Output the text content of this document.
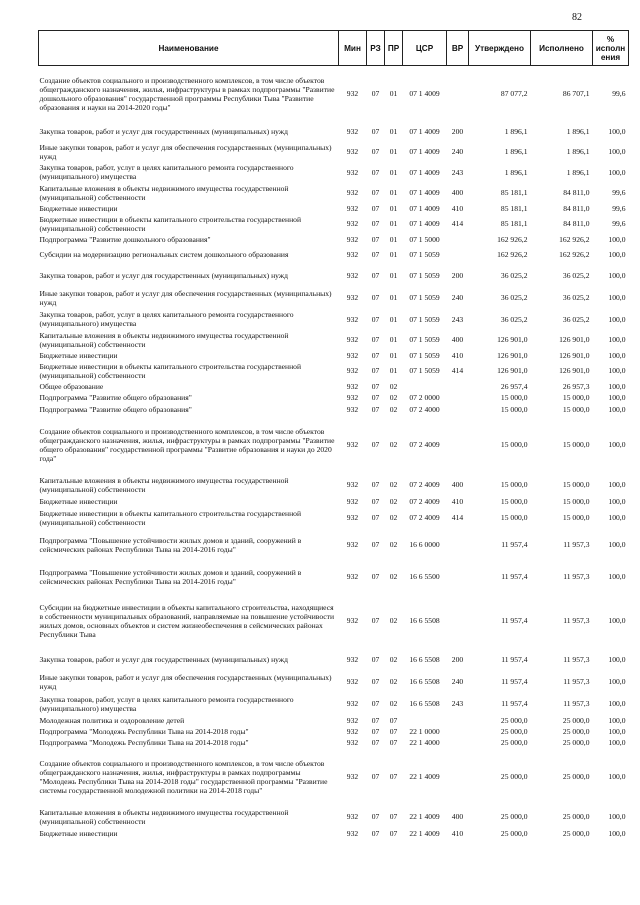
82
Наименование	Мин	РЗ	ПР	ЦСР	ВР	Утверждено	Исполнено	% исполн ения
Создание объектов социального и производственного комплексов, в том числе объектов общегражданского назначения, жилья, инфраструктуры в рамках подпрограммы "Развитие дошкольного образования" государственной программы Республики Тыва "Развитие образования и науки на 2014-2020 годы"	932	07	01	07 1 4009		87 077,2	86 707,1	99,6
Закупка товаров, работ и услуг для государственных (муниципальных) нужд	932	07	01	07 1 4009	200	1 896,1	1 896,1	100,0
Иные закупки товаров, работ и услуг для обеспечения государственных (муниципальных) нужд	932	07	01	07 1 4009	240	1 896,1	1 896,1	100,0
Закупка товаров, работ, услуг в целях капитального ремонта государственного (муниципального) имущества	932	07	01	07 1 4009	243	1 896,1	1 896,1	100,0
Капитальные вложения в объекты недвижимого имущества государственной (муниципальной) собственности	932	07	01	07 1 4009	400	85 181,1	84 811,0	99,6
Бюджетные инвестиции	932	07	01	07 1 4009	410	85 181,1	84 811,0	99,6
Бюджетные инвестиции в объекты капитального строительства государственной (муниципальной) собственности	932	07	01	07 1 4009	414	85 181,1	84 811,0	99,6
Подпрограмма "Развитие дошкольного образования"	932	07	01	07 1 5000		162 926,2	162 926,2	100,0
Субсидии на модернизацию региональных систем дошкольного образования	932	07	01	07 1 5059		162 926,2	162 926,2	100,0
Закупка товаров, работ и услуг для государственных (муниципальных) нужд	932	07	01	07 1 5059	200	36 025,2	36 025,2	100,0
Иные закупки товаров, работ и услуг для обеспечения государственных (муниципальных) нужд	932	07	01	07 1 5059	240	36 025,2	36 025,2	100,0
Закупка товаров, работ, услуг в целях капитального ремонта государственного (муниципального) имущества	932	07	01	07 1 5059	243	36 025,2	36 025,2	100,0
Капитальные вложения в объекты недвижимого имущества государственной (муниципальной) собственности	932	07	01	07 1 5059	400	126 901,0	126 901,0	100,0
Бюджетные инвестиции	932	07	01	07 1 5059	410	126 901,0	126 901,0	100,0
Бюджетные инвестиции в объекты капитального строительства государственной (муниципальной) собственности	932	07	01	07 1 5059	414	126 901,0	126 901,0	100,0
Общее образование	932	07	02			26 957,4	26 957,3	100,0
Подпрограмма "Развитие общего образования"	932	07	02	07 2 0000		15 000,0	15 000,0	100,0
Подпрограмма "Развитие общего образования"	932	07	02	07 2 4000		15 000,0	15 000,0	100,0
Создание объектов социального и производственного комплексов, в том числе объектов общегражданского назначения, жилья, инфраструктуры в рамках подпрограммы "Развитие общего образования" государственной программы "Развитие образования и науки до 2020 года"	932	07	02	07 2 4009		15 000,0	15 000,0	100,0
Капитальные вложения в объекты недвижимого имущества государственной (муниципальной) собственности	932	07	02	07 2 4009	400	15 000,0	15 000,0	100,0
Бюджетные инвестиции	932	07	02	07 2 4009	410	15 000,0	15 000,0	100,0
Бюджетные инвестиции в объекты капитального строительства государственной (муниципальной) собственности	932	07	02	07 2 4009	414	15 000,0	15 000,0	100,0
Подпрограмма "Повышение устойчивости жилых домов и зданий, сооружений в сейсмических районах Республики Тыва на 2014-2016 годы"	932	07	02	16 6 0000		11 957,4	11 957,3	100,0
Подпрограмма "Повышение устойчивости жилых домов и зданий, сооружений в сейсмических районах Республики Тыва на 2014-2016 годы"	932	07	02	16 6 5500		11 957,4	11 957,3	100,0
Субсидии на бюджетные инвестиции в объекты капитального строительства, находящиеся в собственности муниципальных образований, направляемые на повышение устойчивости жилых домов, основных объектов и систем жизнеобеспечения в сейсмических районах Республики Тыва	932	07	02	16 6 5508		11 957,4	11 957,3	100,0
Закупка товаров, работ и услуг для государственных (муниципальных) нужд	932	07	02	16 6 5508	200	11 957,4	11 957,3	100,0
Иные закупки товаров, работ и услуг для обеспечения государственных (муниципальных) нужд	932	07	02	16 6 5508	240	11 957,4	11 957,3	100,0
Закупка товаров, работ, услуг в целях капитального ремонта государственного (муниципального) имущества	932	07	02	16 6 5508	243	11 957,4	11 957,3	100,0
Молодежная политика и оздоровление детей	932	07	07			25 000,0	25 000,0	100,0
Подпрограмма "Молодежь Республики Тыва на 2014-2018 годы"	932	07	07	22 1 0000		25 000,0	25 000,0	100,0
Подпрограмма "Молодежь Республики Тыва на 2014-2018 годы"	932	07	07	22 1 4000		25 000,0	25 000,0	100,0
Создание объектов социального и производственного комплексов, в том числе объектов общегражданского назначения, жилья, инфраструктуры в рамках подпрограммы "Молодежь Республики Тыва на 2014-2018 годы" государственной программы "Развитие системы государственной молодежной политики на 2014-2018 годы"	932	07	07	22 1 4009		25 000,0	25 000,0	100,0
Капитальные вложения в объекты недвижимого имущества государственной (муниципальной) собственности	932	07	07	22 1 4009	400	25 000,0	25 000,0	100,0
Бюджетные инвестиции	932	07	07	22 1 4009	410	25 000,0	25 000,0	100,0
